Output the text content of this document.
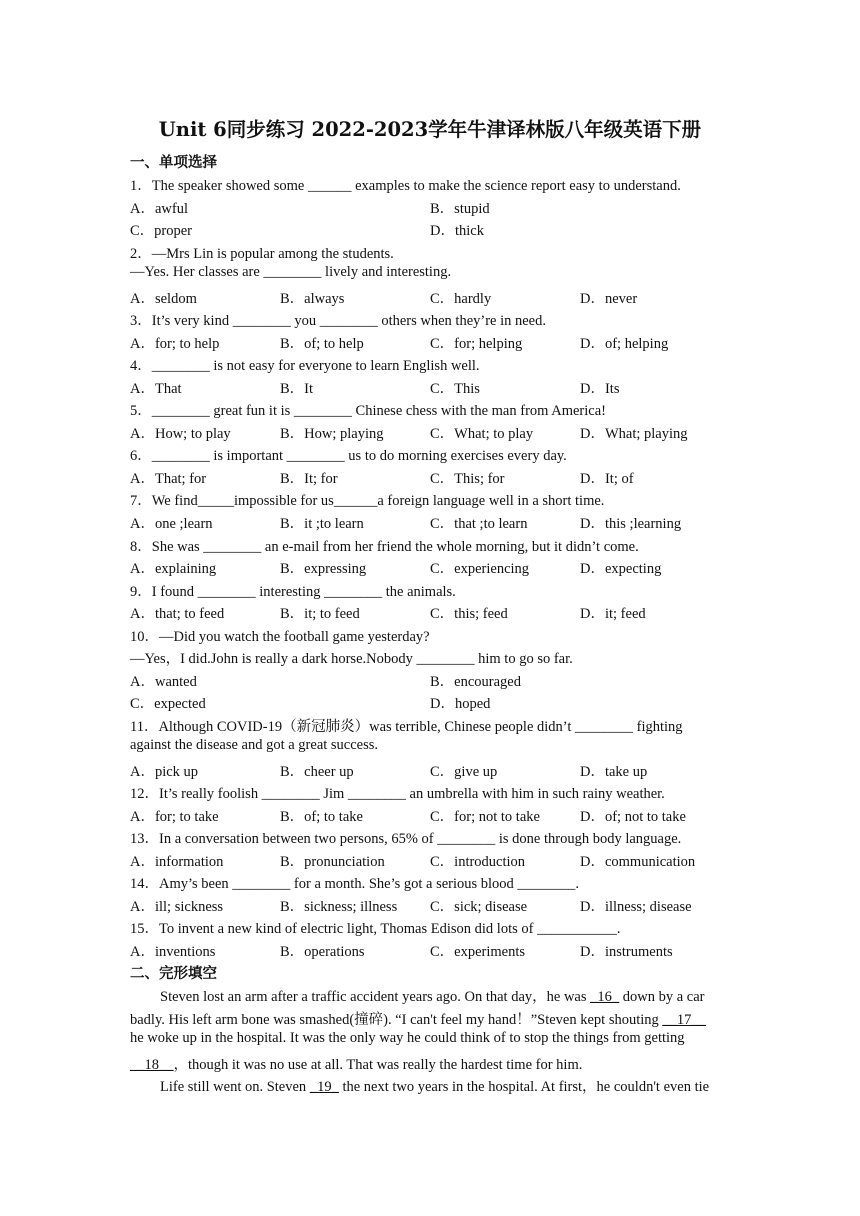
Unit 6同步练习 2022-2023学年牛津译林版八年级英语下册
一、单项选择
1．The speaker showed some ______ examples to make the science report easy to understand.
A．awful	B．stupid
C．proper	D．thick
2．—Mrs Lin is popular among the students.
—Yes. Her classes are ________ lively and interesting.
A．seldom	B．always	C．hardly	D．never
3．It’s very kind ________ you ________ others when they’re in need.
A．for; to help	B．of; to help	C．for; helping	D．of; helping
4．________ is not easy for everyone to learn English well.
A．That	B．It	C．This	D．Its
5．________ great fun it is ________ Chinese chess with the man from America!
A．How; to play	B．How; playing	C．What; to play	D．What; playing
6．________ is important ________ us to do morning exercises every day.
A．That; for	B．It; for	C．This; for	D．It; of
7．We find_____impossible for us______a foreign language well in a short time.
A．one ;learn	B．it ;to learn	C．that ;to learn	D．this ;learning
8．She was ________ an e-mail from her friend the whole morning, but it didn’t come.
A．explaining	B．expressing	C．experiencing	D．expecting
9．I found ________ interesting ________ the animals.
A．that; to feed	B．it; to feed	C．this; feed	D．it; feed
10．—Did you watch the football game yesterday?
—Yes，I did.John is really a dark horse.Nobody ________ him to go so far.
A．wanted	B．encouraged
C．expected	D．hoped
11．Although COVID-19（新冠肺炎）was terrible, Chinese people didn’t ________ fighting
against the disease and got a great success.
A．pick up	B．cheer up	C．give up	D．take up
12．It’s really foolish ________ Jim ________ an umbrella with him in such rainy weather.
A．for; to take	B．of; to take	C．for; not to take	D．of; not to take
13．In a conversation between two persons, 65% of ________ is done through body language.
A．information	B．pronunciation	C．introduction	D．communication
14．Amy’s been ________ for a month. She’s got a serious blood ________.
A．ill; sickness	B．sickness; illness C．sick; disease	D．illness; disease
15．To invent a new kind of electric light, Thomas Edison did lots of ___________.
A．inventions	B．operations	C．experiments	D．instruments
二、完形填空
Steven lost an arm after a traffic accident years ago. On that day，he was _16_ down by a car
badly. His left arm bone was smashed(撞碎). “I can't feel my hand！”Steven kept shouting __17__
he woke up in the hospital. It was the only way he could think of to stop the things from getting
__18__，though it was no use at all. That was really the hardest time for him.
Life still went on. Steven _19_ the next two years in the hospital. At first，he couldn't even tie
